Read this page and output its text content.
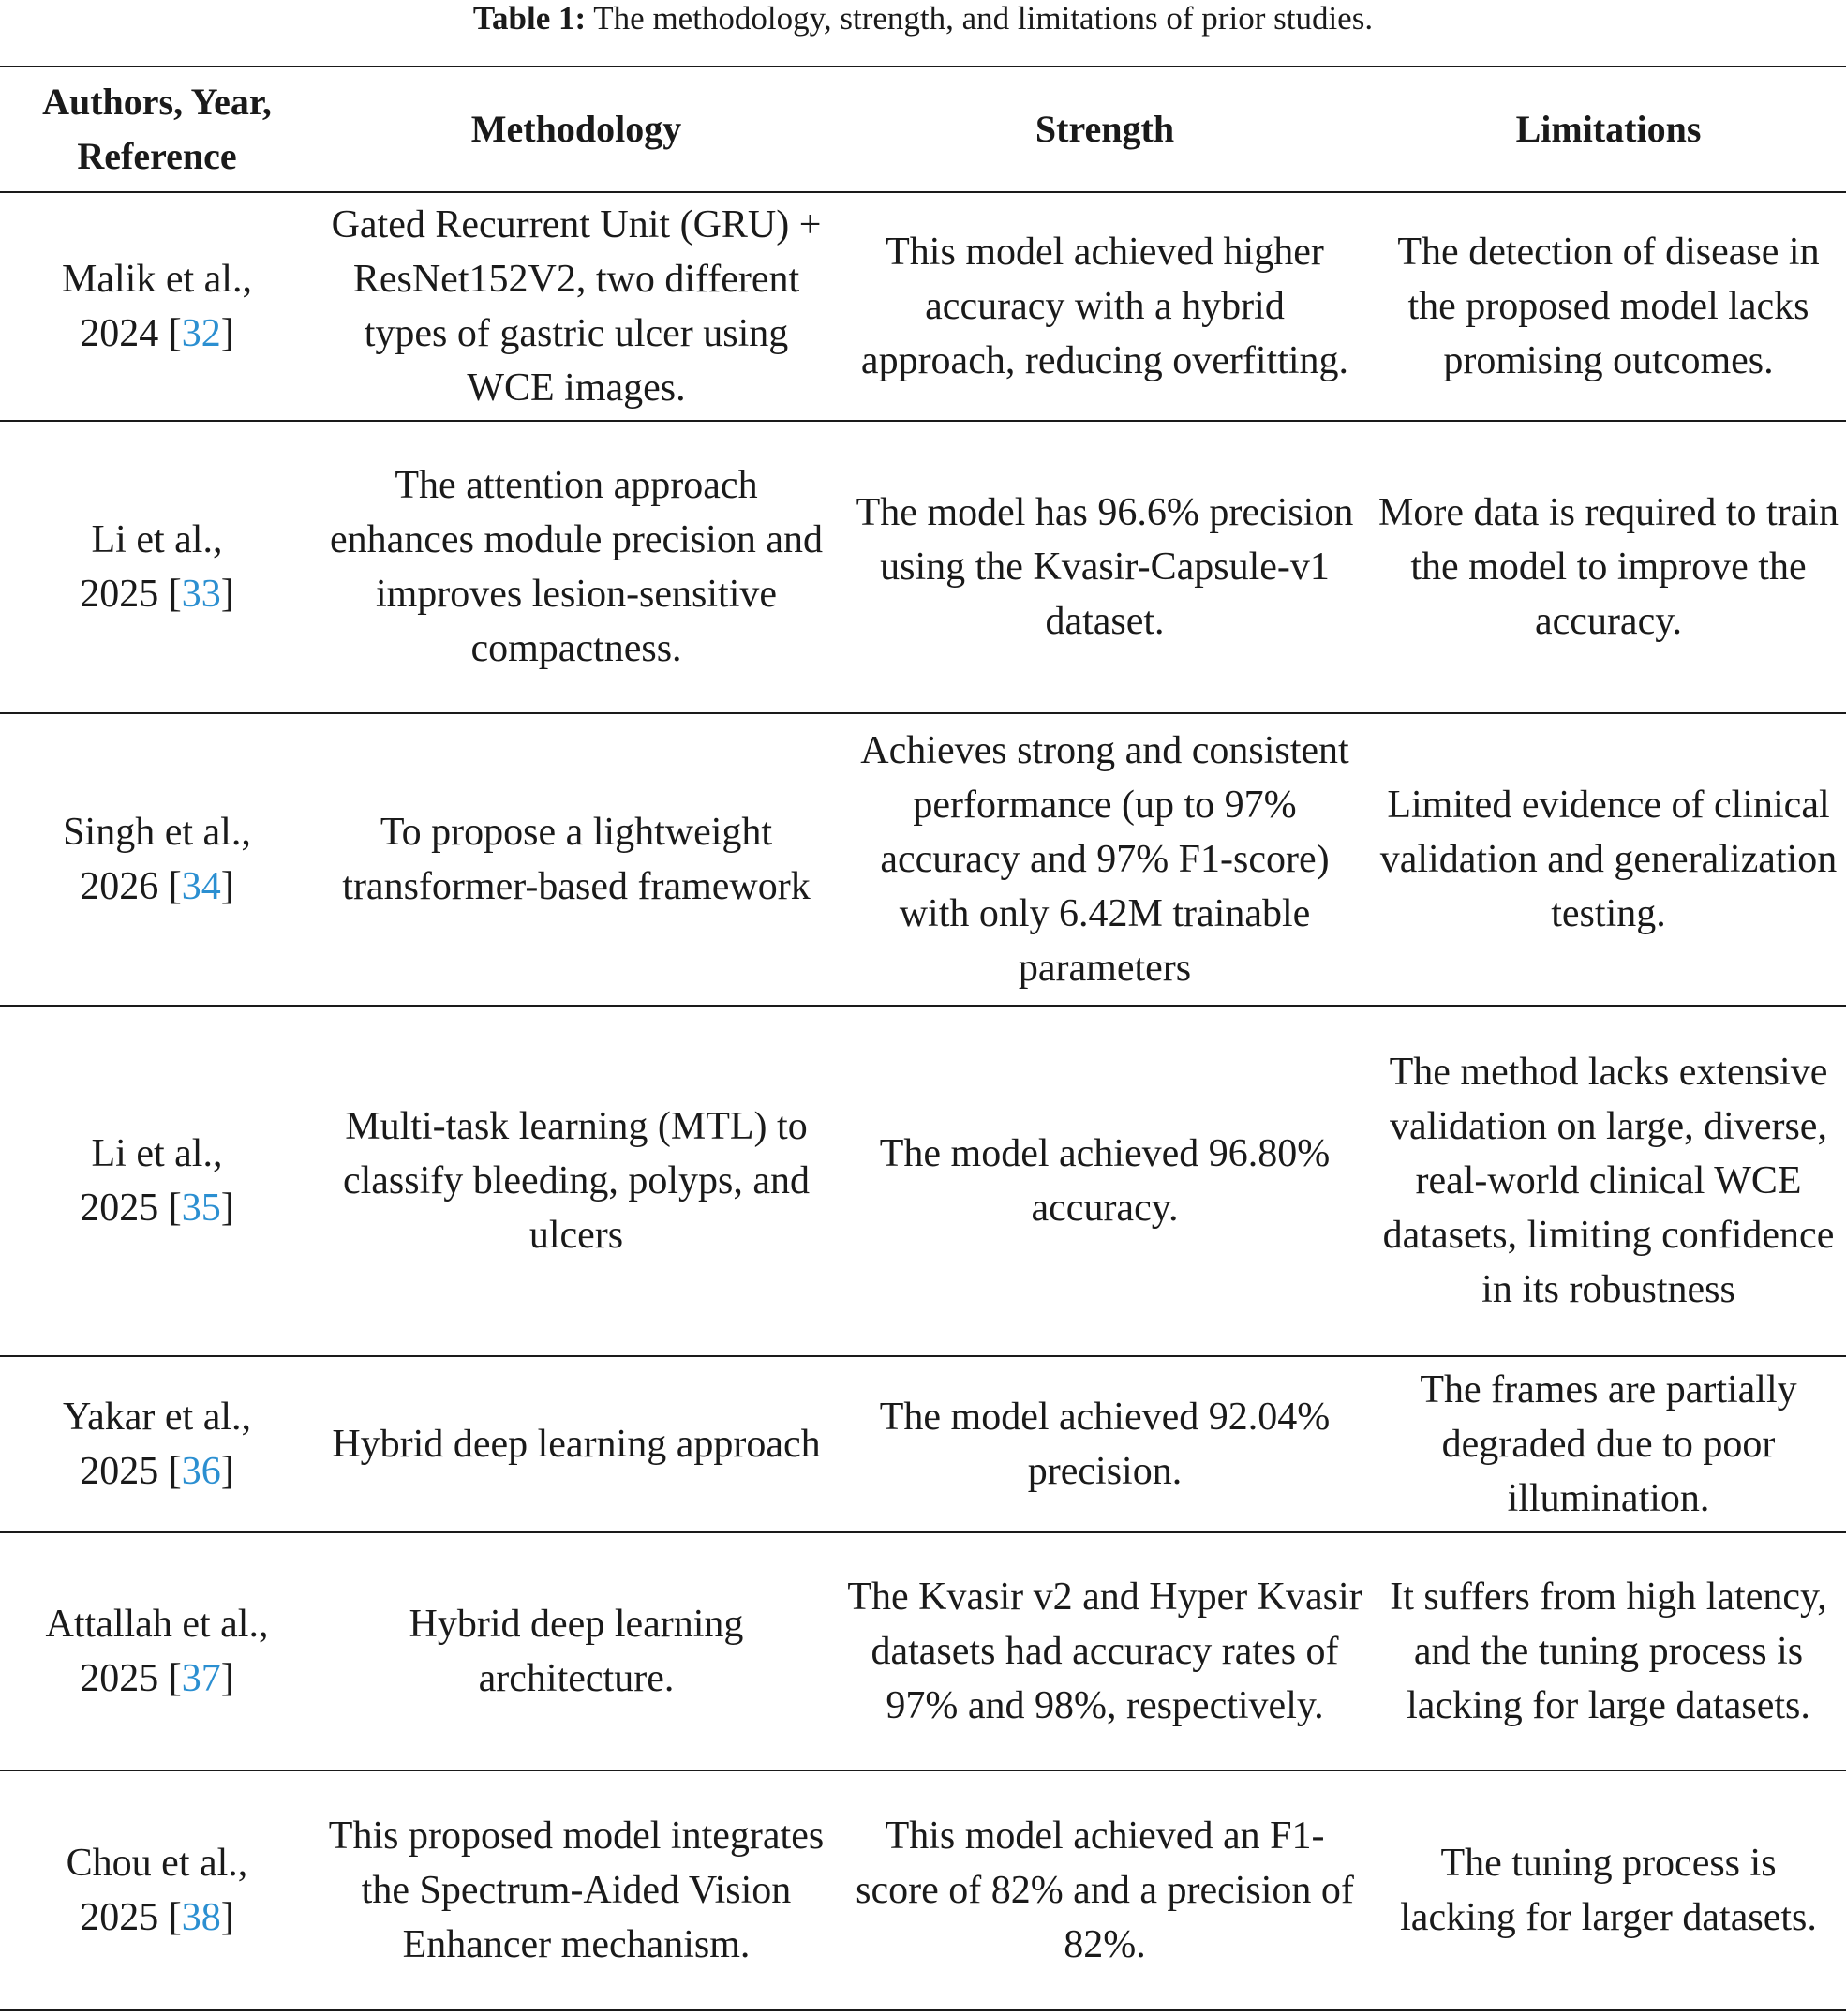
Table 1: The methodology, strength, and limitations of prior studies.
Authors, Year, Reference	Methodology	Strength	Limitations
Malik et al.,
2024 [32]	Gated Recurrent Unit (GRU) + ResNet152V2, two different types of gastric ulcer using WCE images.	This model achieved higher accuracy with a hybrid approach, reducing overfitting.	The detection of disease in the proposed model lacks promising outcomes.
Li et al.,
2025 [33]	The attention approach enhances module precision and improves lesion-sensitive compactness.	The model has 96.6% precision using the Kvasir-Capsule-v1 dataset.	More data is required to train the model to improve the accuracy.
Singh et al.,
2026 [34]	To propose a lightweight transformer-based framework	Achieves strong and consistent performance (up to 97% accuracy and 97% F1-score) with only 6.42M trainable parameters	Limited evidence of clinical validation and generalization testing.
Li et al.,
2025 [35]	Multi-task learning (MTL) to classify bleeding, polyps, and ulcers	The model achieved 96.80% accuracy.	The method lacks extensive validation on large, diverse, real-world clinical WCE datasets, limiting confidence in its robustness
Yakar et al.,
2025 [36]	Hybrid deep learning approach	The model achieved 92.04% precision.	The frames are partially degraded due to poor illumination.
Attallah et al.,
2025 [37]	Hybrid deep learning architecture.	The Kvasir v2 and Hyper Kvasir datasets had accuracy rates of 97% and 98%, respectively.	It suffers from high latency, and the tuning process is lacking for large datasets.
Chou et al.,
2025 [38]	This proposed model integrates the Spectrum-Aided Vision Enhancer mechanism.	This model achieved an F1-score of 82% and a precision of 82%.	The tuning process is lacking for larger datasets.
